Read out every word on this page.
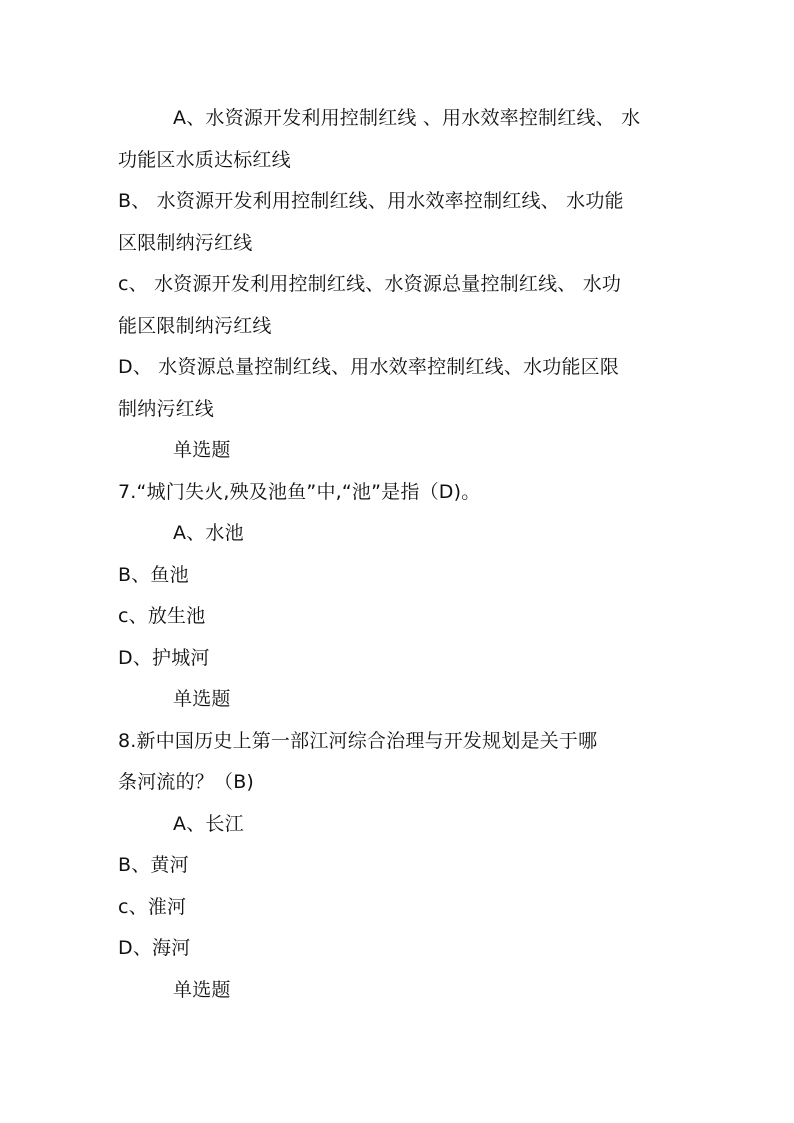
A、水资源开发利用控制红线 、用水效率控制红线、 水
功能区水质达标红线
B、 水资源开发利用控制红线、用水效率控制红线、 水功能
区限制纳污红线
c、 水资源开发利用控制红线、水资源总量控制红线、 水功
能区限制纳污红线
D、 水资源总量控制红线、用水效率控制红线、水功能区限
制纳污红线
单选题
7.“城门失火,殃及池鱼”中,“池”是指（D)。
A、水池
B、鱼池
c、放生池
D、护城河
单选题
8.新中国历史上第一部江河综合治理与开发规划是关于哪
条河流的？（B)
A、长江
B、黄河
c、淮河
D、海河
单选题
